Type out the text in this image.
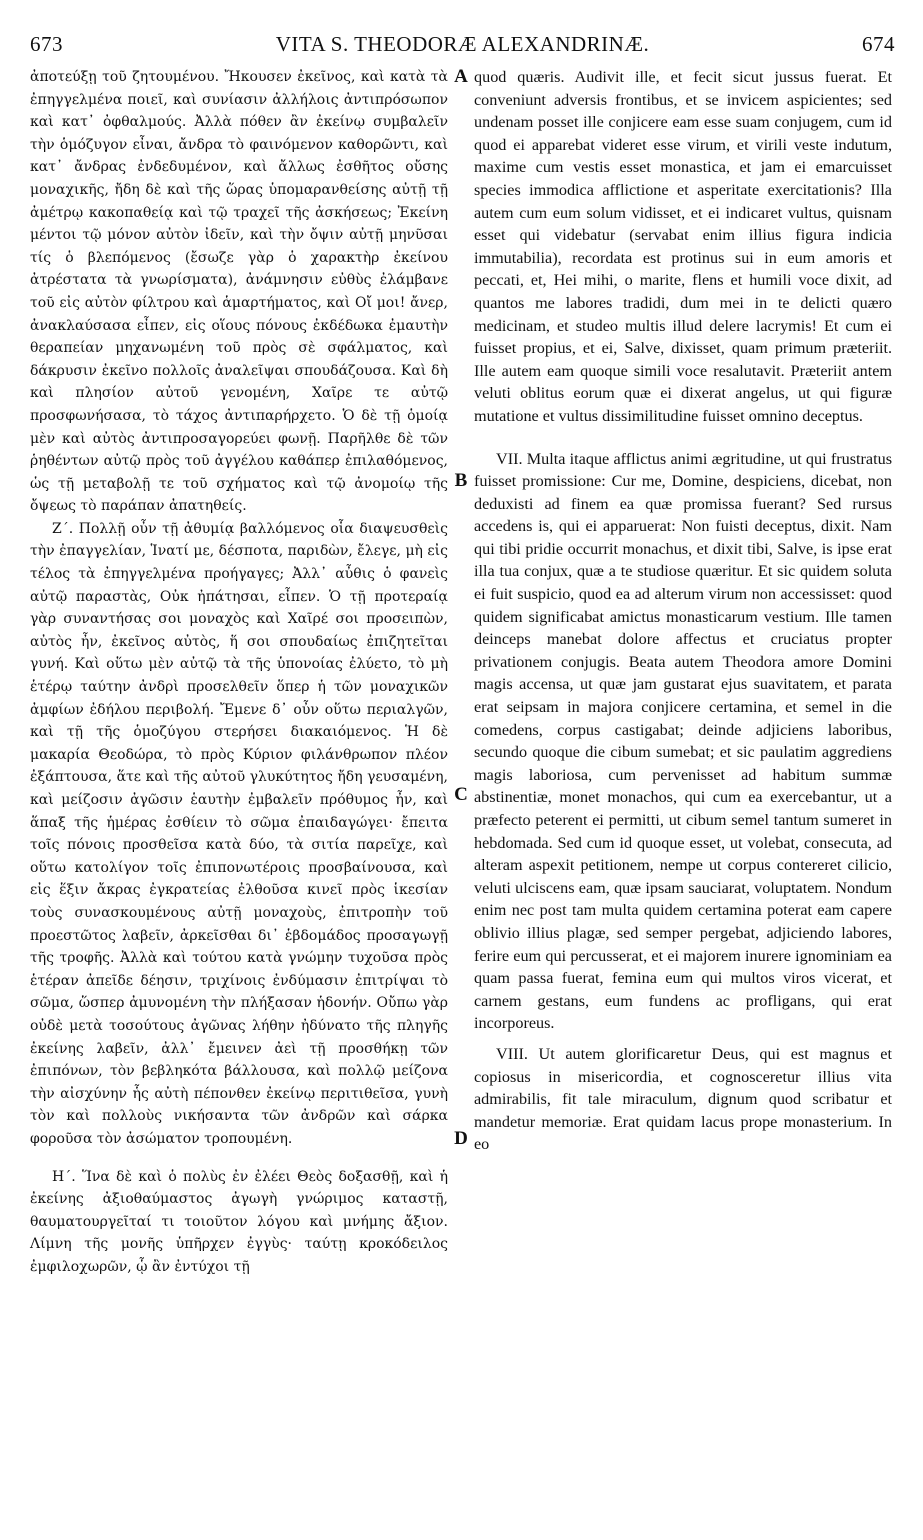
673	VITA S. THEODORÆ ALEXANDRINÆ.	674

ἀποτεύξῃ τοῦ ζητουμένου. Ἤκουσεν ἐκεῖνος, καὶ κατὰ τὰ ἐπηγγελμένα ποιεῖ, καὶ συνίασιν ἀλλήλοις ἀντιπρόσωπον καὶ κατ᾽ ὀφθαλμούς. Ἀλλὰ πόθεν ἂν ἐκείνῳ συμβαλεῖν τὴν ὁμόζυγον εἶναι, ἄνδρα τὸ φαινόμενον καθορῶντι, καὶ κατ᾽ ἄνδρας ἐνδεδυμένον, καὶ ἄλλως ἐσθῆτος οὔσης μοναχικῆς, ἤδη δὲ καὶ τῆς ὥρας ὑπομαρανθείσης αὐτῇ τῇ ἀμέτρῳ κακοπαθείᾳ καὶ τῷ τραχεῖ τῆς ἀσκήσεως; Ἐκείνη μέντοι τῷ μόνον αὐτὸν ἰδεῖν, καὶ τὴν ὄψιν αὐτῇ μηνῦσαι τίς ὁ βλεπόμενος (ἔσωζε γὰρ ὁ χαρακτὴρ ἐκείνου ἀτρέστατα τὰ γνωρίσματα), ἀνάμνησιν εὐθὺς ἐλάμβανε τοῦ εἰς αὐτὸν φίλτρου καὶ ἁμαρτήματος, καὶ Οἴ μοι! ἄνερ, ἀνακλαύσασα εἶπεν, εἰς οἵους πόνους ἐκδέδωκα ἐμαυτὴν θεραπείαν μηχανωμένη τοῦ πρὸς σὲ σφάλματος, καὶ δάκρυσιν ἐκεῖνο πολλοῖς ἀναλεῖψαι σπουδάζουσα. Καὶ δὴ καὶ πλησίον αὐτοῦ γενομένη, Χαῖρε τε αὐτῷ προσφωνήσασα, τὸ τάχος ἀντιπαρήρχετο. Ὁ δὲ τῇ ὁμοίᾳ μὲν καὶ αὐτὸς ἀντιπροσαγορεύει φωνῇ. Παρῆλθε δὲ τῶν ῥηθέντων αὐτῷ πρὸς τοῦ ἀγγέλου καθάπερ ἐπιλαθόμενος, ὡς τῇ μεταβολῇ τε τοῦ σχήματος καὶ τῷ ἀνομοίῳ τῆς ὄψεως τὸ παράπαν ἀπατηθείς.

Ζ΄. Πολλῇ οὖν τῇ ἀθυμίᾳ βαλλόμενος οἷα διαψευσθεὶς τὴν ἐπαγγελίαν, Ἱνατί με, δέσποτα, παριδὼν, ἔλεγε, μὴ εἰς τέλος τὰ ἐπηγγελμένα προήγαγες; Ἀλλ᾽ αὖθις ὁ φανεὶς αὐτῷ παραστὰς, Οὐκ ἠπάτησαι, εἶπεν. Ὁ τῇ προτεραίᾳ γὰρ συναντήσας σοι μοναχὸς καὶ Χαῖρέ σοι προσειπὼν, αὐτὸς ἦν, ἐκεῖνος αὐτὸς, ἥ σοι σπουδαίως ἐπιζητεῖται γυνή. Καὶ οὕτω μὲν αὐτῷ τὰ τῆς ὑπονοίας ἐλύετο, τὸ μὴ ἑτέρῳ ταύτην ἀνδρὶ προσελθεῖν ὅπερ ἡ τῶν μοναχικῶν ἀμφίων ἐδήλου περιβολή. Ἔμενε δ᾽ οὖν οὕτω περιαλγῶν, καὶ τῇ τῆς ὁμοζύγου στερήσει διακαιόμενος. Ἡ δὲ μακαρία Θεοδώρα, τὸ πρὸς Κύριον φιλάνθρωπον πλέον ἐξάπτουσα, ἅτε καὶ τῆς αὐτοῦ γλυκύτητος ἤδη γευσαμένη, καὶ μείζοσιν ἀγῶσιν ἑαυτὴν ἐμβαλεῖν πρόθυμος ἦν, καὶ ἅπαξ τῆς ἡμέρας ἐσθίειν τὸ σῶμα ἐπαιδαγώγει· ἔπειτα τοῖς πόνοις προσθεῖσα κατὰ δύο, τὰ σιτία παρεῖχε, καὶ οὕτω κατολίγον τοῖς ἐπιπονωτέροις προσβαίνουσα, καὶ εἰς ἕξιν ἄκρας ἐγκρατείας ἐλθοῦσα κινεῖ πρὸς ἱκεσίαν τοὺς συνασκουμένους αὐτῇ μοναχοὺς, ἐπιτροπὴν τοῦ προεστῶτος λαβεῖν, ἀρκεῖσθαι δι᾽ ἑβδομάδος προσαγωγῇ τῆς τροφῆς. Ἀλλὰ καὶ τούτου κατὰ γνώμην τυχοῦσα πρὸς ἑτέραν ἀπεῖδε δέησιν, τριχίνοις ἐνδύμασιν ἐπιτρίψαι τὸ σῶμα, ὥσπερ ἀμυνομένη τὴν πλήξασαν ἡδονήν. Οὔπω γὰρ οὐδὲ μετὰ τοσούτους ἀγῶνας λήθην ἠδύνατο τῆς πληγῆς ἐκείνης λαβεῖν, ἀλλ᾽ ἔμεινεν ἀεὶ τῇ προσθήκῃ τῶν ἐπιπόνων, τὸν βεβληκότα βάλλουσα, καὶ πολλῷ μείζονα τὴν αἰσχύνην ἧς αὐτὴ πέπονθεν ἐκείνῳ περιτιθεῖσα, γυνὴ τὸν καὶ πολλοὺς νικήσαντα τῶν ἀνδρῶν καὶ σάρκα φοροῦσα τὸν ἀσώματον τροπουμένη.

Η΄. Ἵνα δὲ καὶ ὁ πολὺς ἐν ἐλέει Θεὸς δοξασθῇ, καὶ ἡ ἐκείνης ἀξιοθαύμαστος ἀγωγὴ γνώριμος καταστῇ, θαυματουργεῖταί τι τοιοῦτον λόγου καὶ μνήμης ἄξιον. Λίμνη τῆς μονῆς ὑπῆρχεν ἐγγὺς· ταύτῃ κροκόδειλος ἐμφιλοχωρῶν, ᾧ ἂν ἐντύχοι τῇ

A
B
C
D

quod quæris. Audivit ille, et fecit sicut jussus fuerat. Et conveniunt adversis frontibus, et se invicem aspicientes; sed undenam posset ille conjicere eam esse suam conjugem, cum id quod ei apparebat videret esse virum, et virili veste indutum, maxime cum vestis esset monastica, et jam ei emarcuisset species immodica afflictione et asperitate exercitationis? Illa autem cum eum solum vidisset, et ei indicaret vultus, quisnam esset qui videbatur (servabat enim illius figura indicia immutabilia), recordata est protinus sui in eum amoris et peccati, et, Hei mihi, o marite, flens et humili voce dixit, ad quantos me labores tradidi, dum mei in te delicti quæro medicinam, et studeo multis illud delere lacrymis! Et cum ei fuisset propius, et ei, Salve, dixisset, quam primum præteriit. Ille autem eam quoque simili voce resalutavit. Præteriit antem veluti oblitus eorum quæ ei dixerat angelus, ut qui figuræ mutatione et vultus dissimilitudine fuisset omnino deceptus.

VII. Multa itaque afflictus animi ægritudine, ut qui frustratus fuisset promissione: Cur me, Domine, despiciens, dicebat, non deduxisti ad finem ea quæ promissa fuerant? Sed rursus accedens is, qui ei apparuerat: Non fuisti deceptus, dixit. Nam qui tibi pridie occurrit monachus, et dixit tibi, Salve, is ipse erat illa tua conjux, quæ a te studiose quæritur. Et sic quidem soluta ei fuit suspicio, quod ea ad alterum virum non accessisset: quod quidem significabat amictus monasticarum vestium. Ille tamen deinceps manebat dolore affectus et cruciatus propter privationem conjugis. Beata autem Theodora amore Domini magis accensa, ut quæ jam gustarat ejus suavitatem, et parata erat seipsam in majora conjicere certamina, et semel in die comedens, corpus castigabat; deinde adjiciens laboribus, secundo quoque die cibum sumebat; et sic paulatim aggrediens magis laboriosa, cum pervenisset ad habitum summæ abstinentiæ, monet monachos, qui cum ea exercebantur, ut a præfecto peterent ei permitti, ut cibum semel tantum sumeret in hebdomada. Sed cum id quoque esset, ut volebat, consecuta, ad alteram aspexit petitionem, nempe ut corpus contereret cilicio, veluti ulciscens eam, quæ ipsam sauciarat, voluptatem. Nondum enim nec post tam multa quidem certamina poterat eam capere oblivio illius plagæ, sed semper pergebat, adjiciendo labores, ferire eum qui percusserat, et ei majorem inurere ignominiam ea quam passa fuerat, femina eum qui multos viros vicerat, et carnem gestans, eum fundens ac profligans, qui erat incorporeus.

VIII. Ut autem glorificaretur Deus, qui est magnus et copiosus in misericordia, et cognosceretur illius vita admirabilis, fit tale miraculum, dignum quod scribatur et mandetur memoriæ. Erat quidam lacus prope monasterium. In eo
